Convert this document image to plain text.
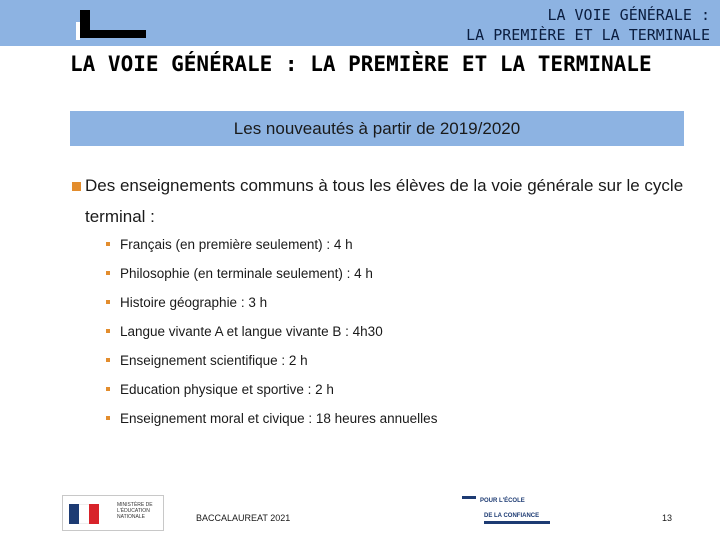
LA VOIE GÉNÉRALE :
LA PREMIÈRE ET LA TERMINALE
LA VOIE GÉNÉRALE : LA PREMIÈRE ET LA TERMINALE
Les nouveautés à partir de 2019/2020
Des enseignements communs à tous les élèves de la voie générale sur le cycle terminal :
Français (en première seulement) : 4 h
Philosophie (en terminale seulement) : 4 h
Histoire géographie : 3 h
Langue vivante A et langue vivante B : 4h30
Enseignement scientifique : 2 h
Education physique et sportive : 2 h
Enseignement moral et civique : 18 heures annuelles
MINISTÈRE DE L'ÉDUCATION NATIONALE	BACCALAUREAT 2021
POUR L'ÉCOLE
DE LA CONFIANCE	13
